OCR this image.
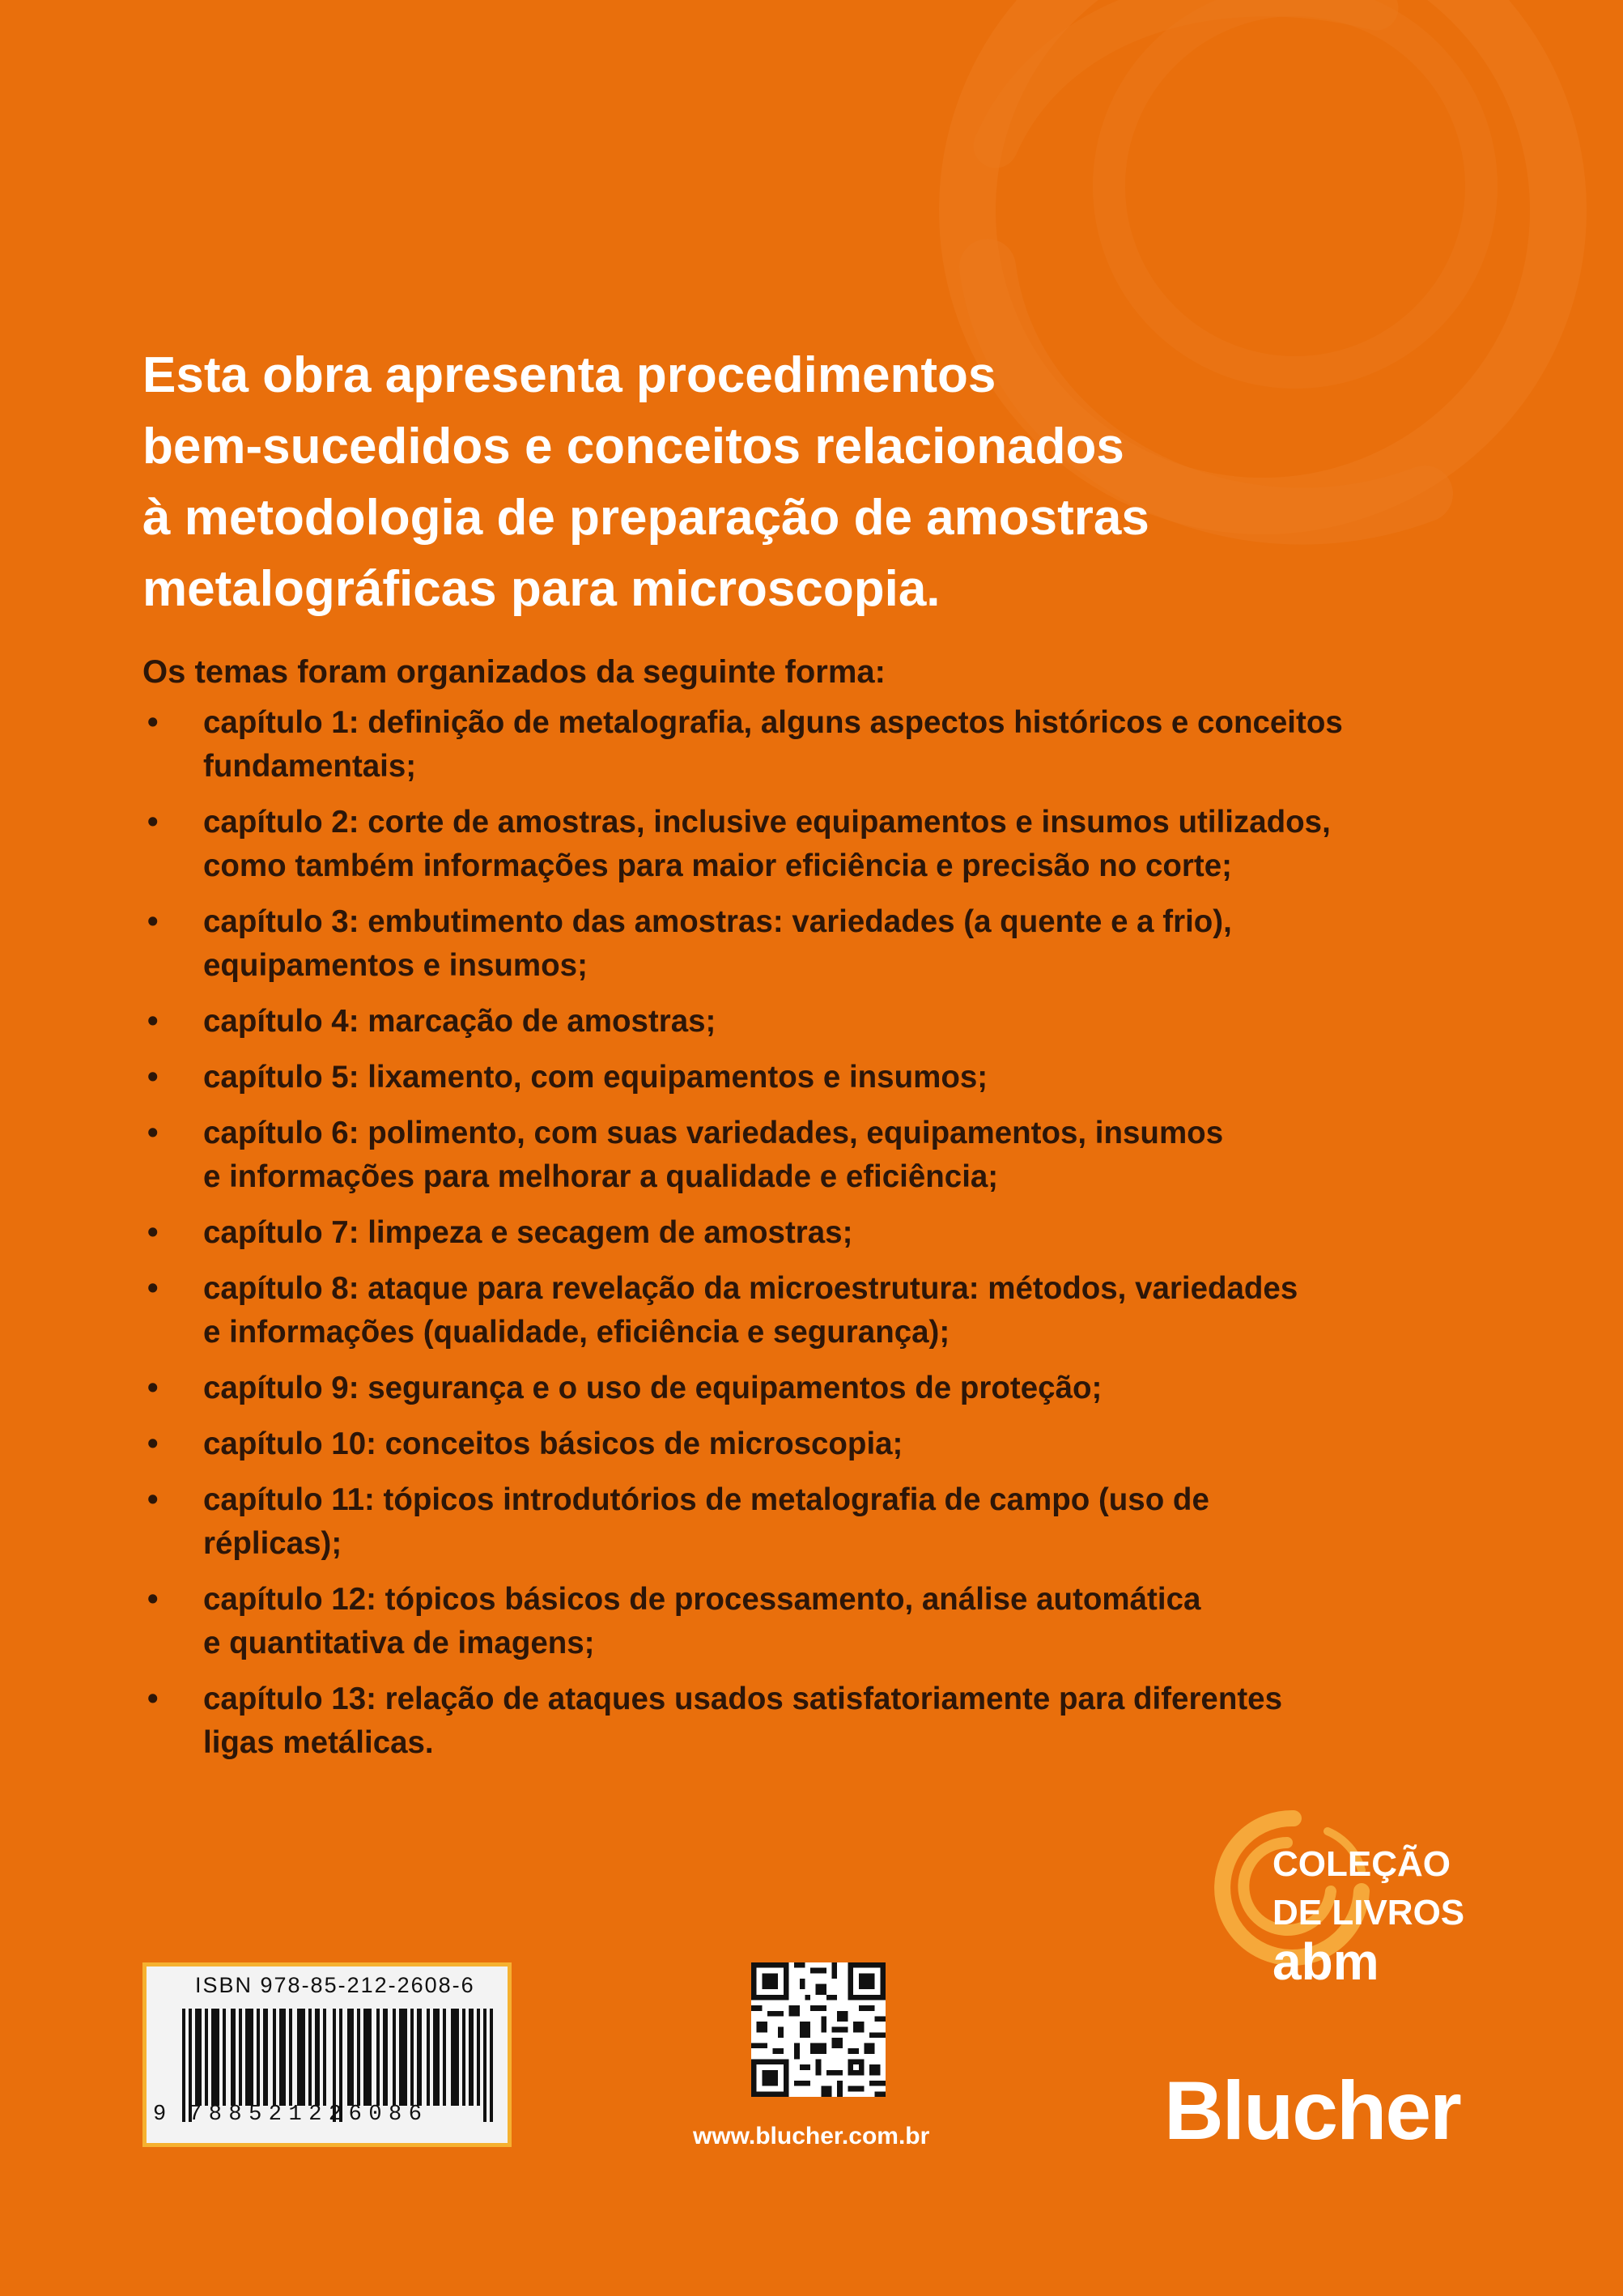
Esta obra apresenta procedimentos
bem-sucedidos e conceitos relacionados
à metodologia de preparação de amostras
metalográficas para microscopia.

Os temas foram organizados da seguinte forma:

• capítulo 1: definição de metalografia, alguns aspectos históricos e conceitos
fundamentais;
• capítulo 2: corte de amostras, inclusive equipamentos e insumos utilizados,
como também informações para maior eficiência e precisão no corte;
• capítulo 3: embutimento das amostras: variedades (a quente e a frio),
equipamentos e insumos;
• capítulo 4: marcação de amostras;
• capítulo 5: lixamento, com equipamentos e insumos;
• capítulo 6: polimento, com suas variedades, equipamentos, insumos
e informações para melhorar a qualidade e eficiência;
• capítulo 7: limpeza e secagem de amostras;
• capítulo 8: ataque para revelação da microestrutura: métodos, variedades
e informações (qualidade, eficiência e segurança);
• capítulo 9: segurança e o uso de equipamentos de proteção;
• capítulo 10: conceitos básicos de microscopia;
• capítulo 11: tópicos introdutórios de metalografia de campo (uso de
réplicas);
• capítulo 12: tópicos básicos de processamento, análise automática
e quantitativa de imagens;
• capítulo 13: relação de ataques usados satisfatoriamente para diferentes
ligas metálicas.

ISBN 978-85-212-2608-6

9 788521226086

www.blucher.com.br

COLEÇÃO

DE LIVROS

abm

Blucher
